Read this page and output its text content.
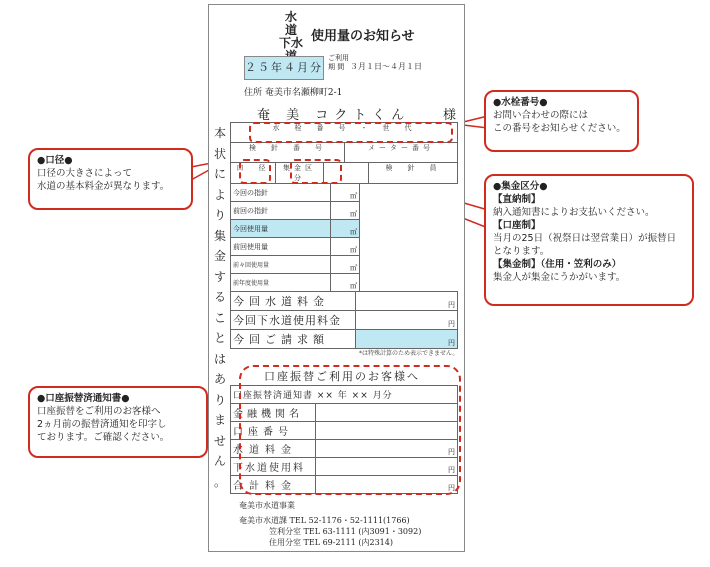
水　道
下水 使用量のお知らせ
２５年４月分
ご利用期 間 ３月１日～４月１日
住所 奄美市名瀬柳町2-1
奄 美 コクトくん	様
本
状
に
よ
り
集
金
す
る
こ
と
は
あ
り
ま
せ
ん
。
水　栓　番　号　・　世　代
検　針　番　号	メーター番号
口　径	集金区分		検　針　員
今回の指針	㎥
前回の指針	㎥
今回使用量	㎥
前回使用量	㎥
前々回使用量	㎥
前年度使用量	㎥
今回水道料金	円
今回下水道使用料金	円
今回ご請求額	円
*は特殊計算のため表示できません。
口座振替ご利用のお客様へ
口座振替済通知書 ×× 年 ×× 月分	
金融機関名	
口座番号	
水道料金	円
下水道使用料	円
合計料金	円
奄美市水道事業
奄美市水道課 TEL 52-1176・52-1111(1766)
笠利分室 TEL 63-1111 (内3091・3092)
住用分室 TEL 69-2111 (内2314)
●水栓番号●
お問い合わせの際には
この番号をお知らせください。
●口径●
口径の大きさによって
水道の基本料金が異なります。	●集金区分●
【直納制】
納入通知書によりお支払いください。
【口座制】
当月の25日（祝祭日は翌営業日）が振替日となります。
【集金制】（住用・笠利のみ）
集金人が集金にうかがいます。
●口座振替済通知書●
口座振替をご利用のお客様へ
2ヵ月前の振替済通知を印字し
ております。ご確認ください。
